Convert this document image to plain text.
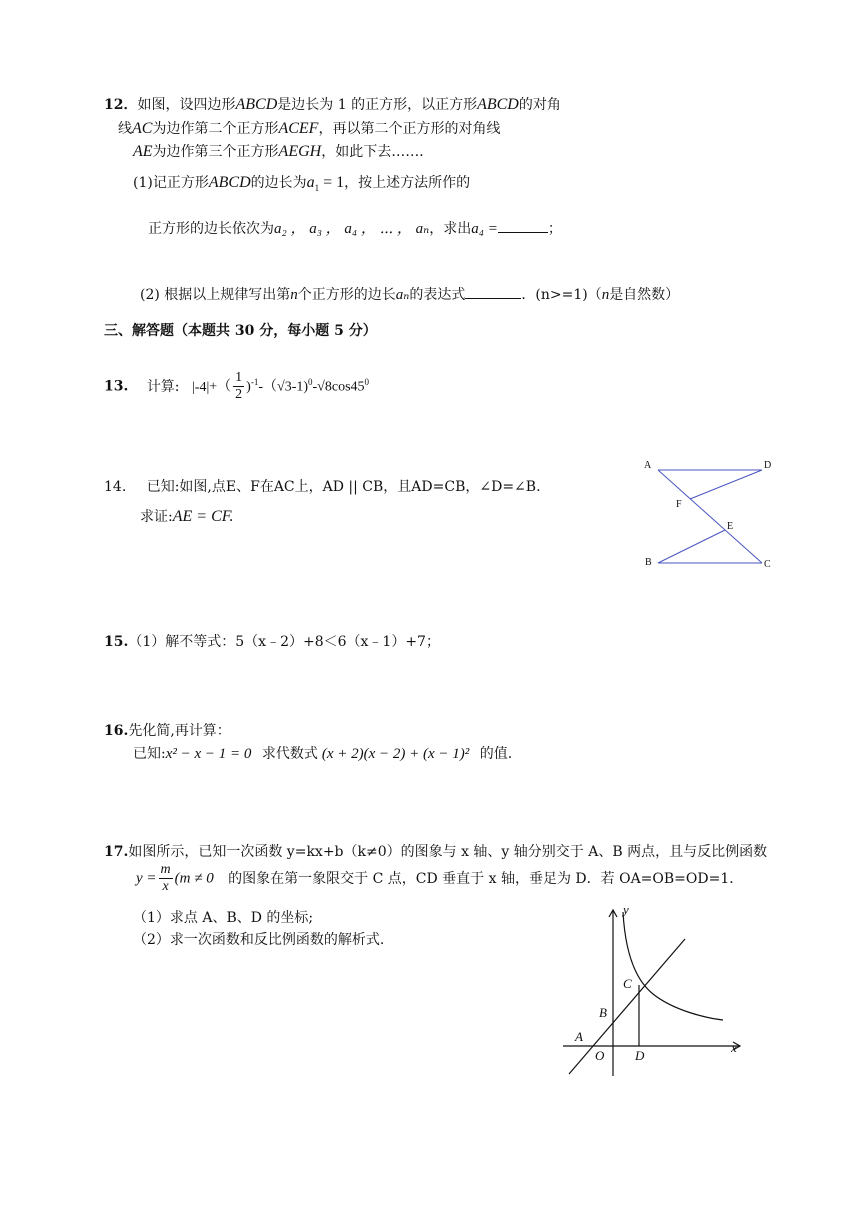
12．如图，设四边形ABCD是边长为 1 的正方形，以正方形ABCD的对角
线AC为边作第二个正方形ACEF，再以第二个正方形的对角线
AE为边作第三个正方形AEGH，如此下去……．
(1)记正方形ABCD的边长为$a_1 = 1$，按上述方法所作的
正方形的边长依次为a₂ ， a₃ ， a₄ ， ⋯ ， aₙ，求出a₄ =	；
(2) 根据以上规律写出第n个正方形的边长aₙ的表达式	．(n>=1)（n是自然数）
三、解答题（本题共 30 分，每小题 5 分）
13. 计算: $|-4|+( \frac{1}{2} )^{-1}-(√3-1)^0-√8\cos 45^0$
14. 已知:如图,点E、F在AC上，AD || CB，且AD=CB，∠D=∠B.
求证:AE = CF.
A	D
F
E
B	C
15.（1）解不等式：5（x﹣2）+8＜6（x﹣1）+7；
16.先化简,再计算：
已知:x² − x − 1 = 0 求代数式 (x + 2)(x − 2) + (x − 1)² 的值.
17.如图所示，已知一次函数 y=kx+b（k≠0）的图象与 x 轴、y 轴分别交于 A、B 两点，且与反比例函数
$y = \frac{m}{x} (m \ne 0$ 的图象在第一象限交于 C 点，CD 垂直于 x 轴，垂足为 D．若 OA=OB=OD=1．
（1）求点 A、B、D 的坐标;
（2）求一次函数和反比例函数的解析式.
y
x
O
A
B
C
D
